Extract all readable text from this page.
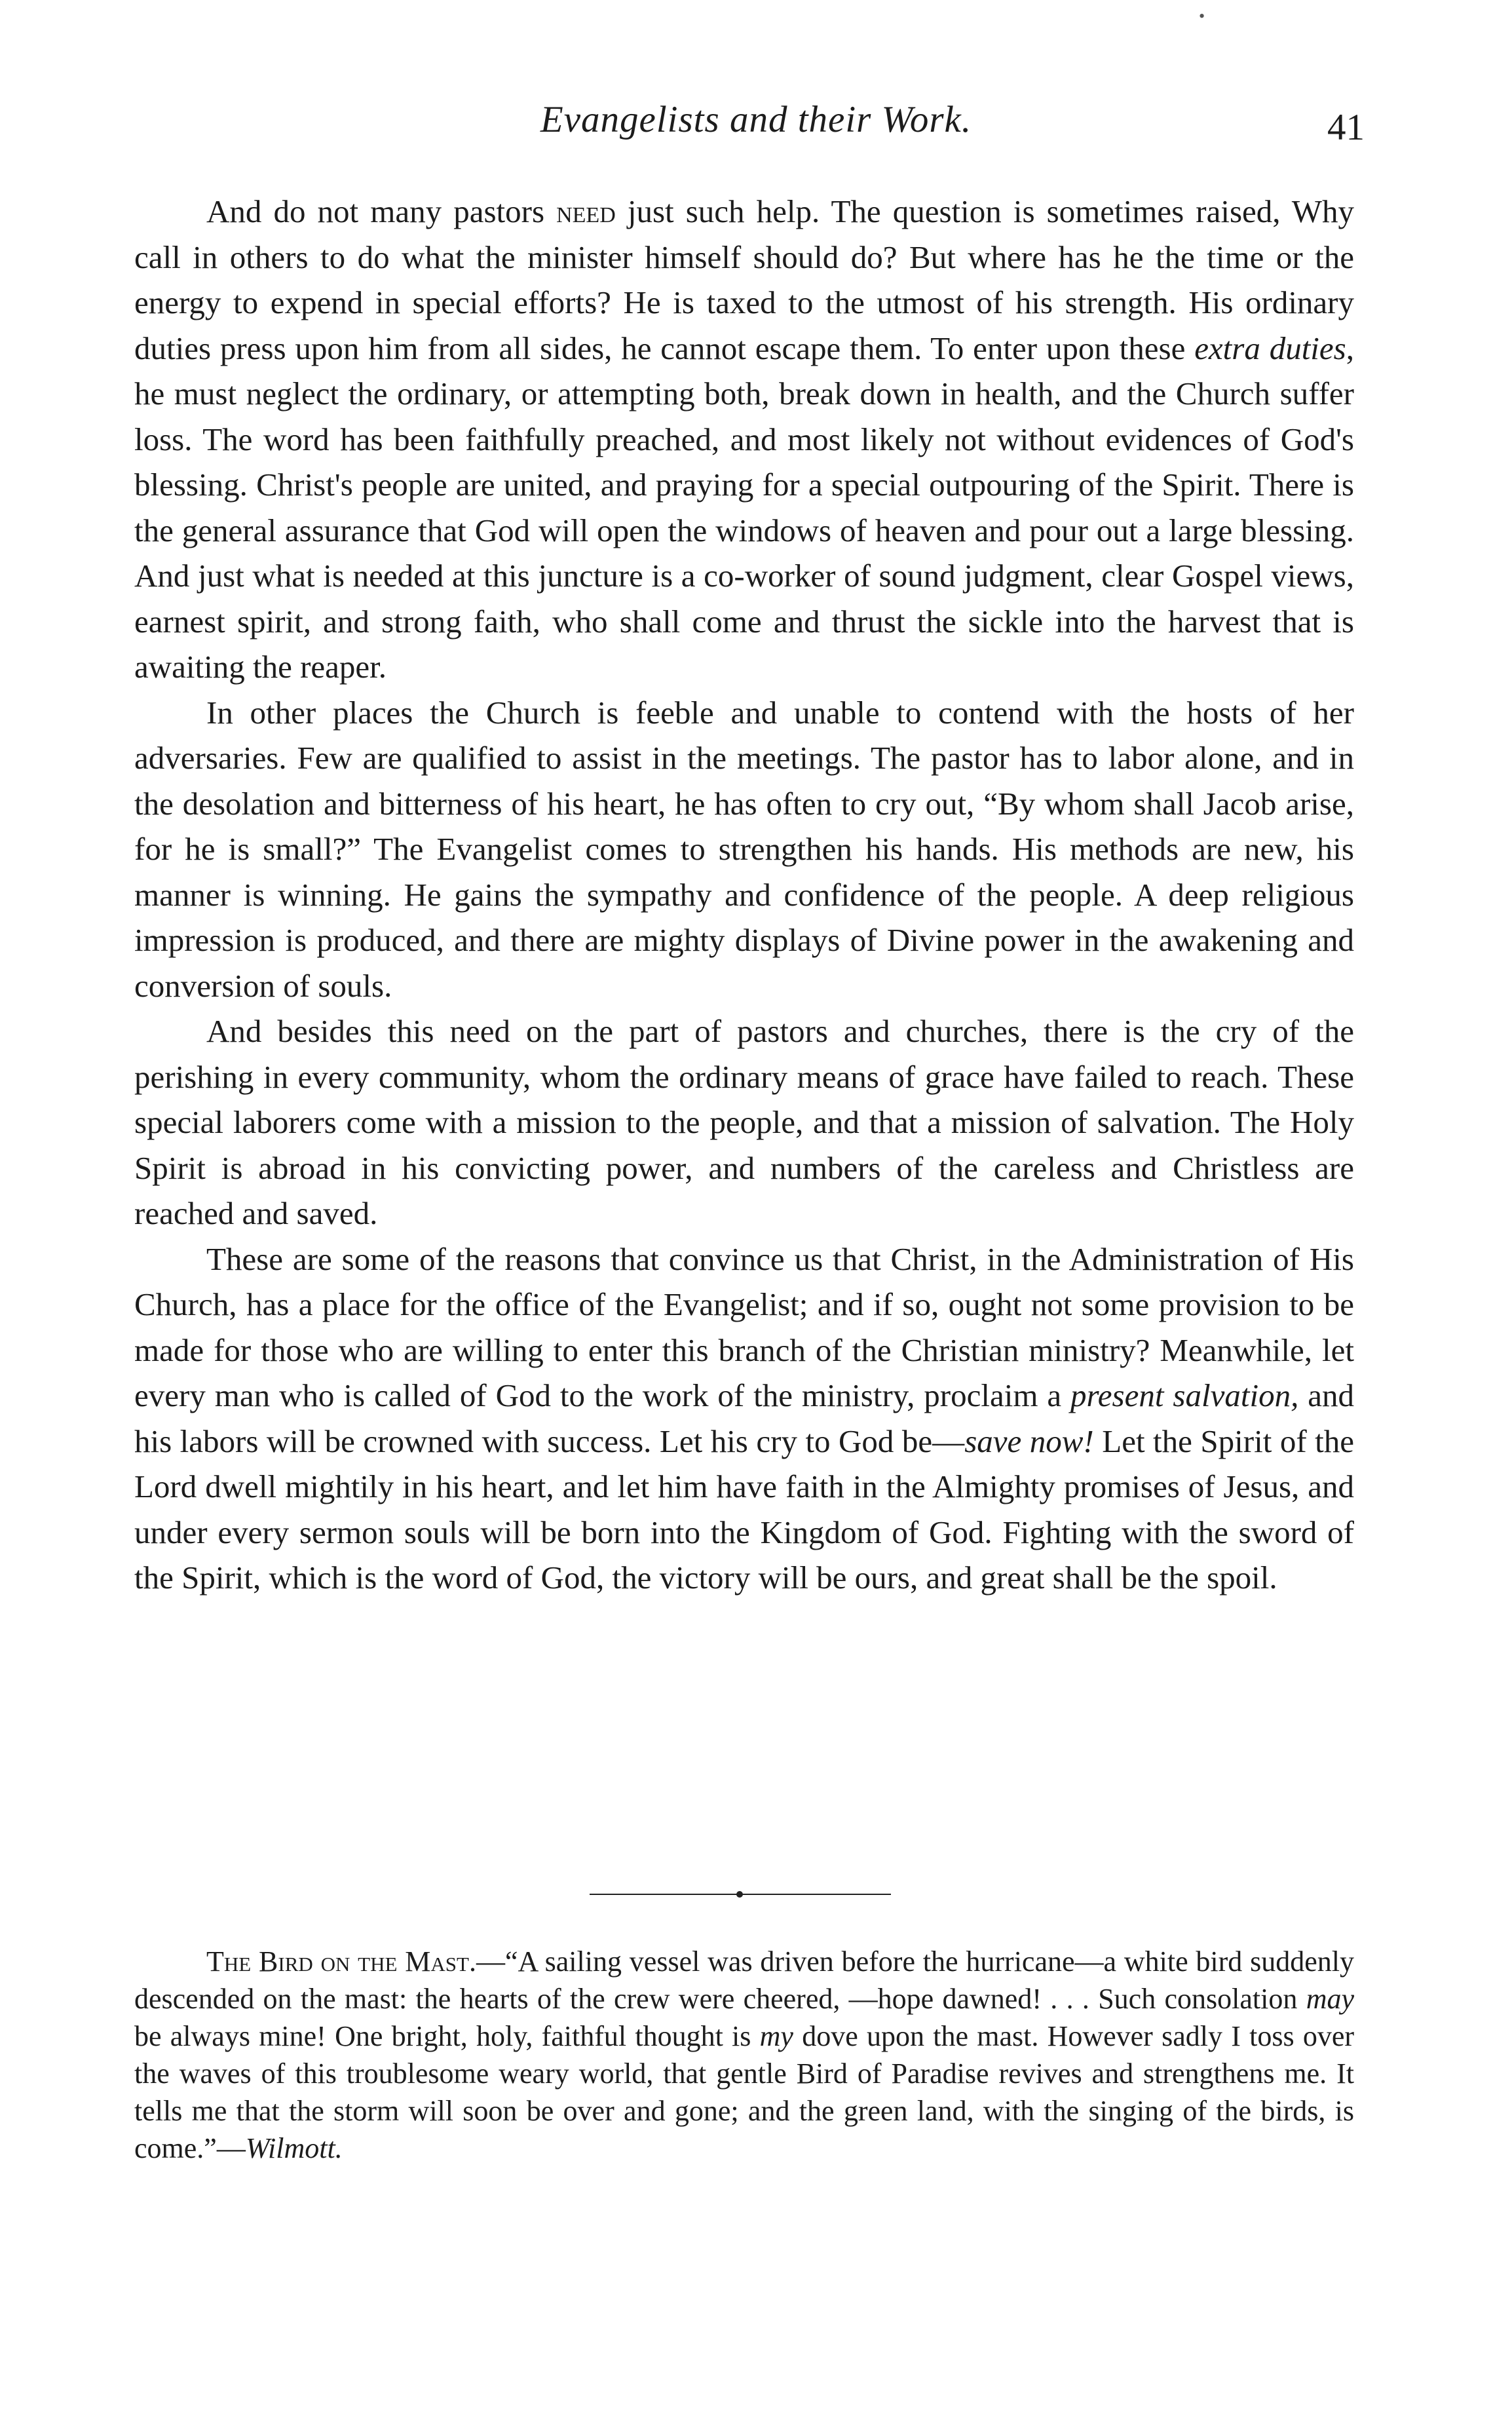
Evangelists and their Work.	41

And do not many pastors need just such help. The question is sometimes raised, Why call in others to do what the minister himself should do? But where has he the time or the energy to expend in special efforts? He is taxed to the utmost of his strength. His ordinary duties press upon him from all sides, he cannot escape them. To enter upon these extra duties, he must neglect the ordinary, or attempting both, break down in health, and the Church suffer loss. The word has been faithfully preached, and most likely not without evidences of God's blessing. Christ's people are united, and praying for a special outpouring of the Spirit. There is the general assurance that God will open the windows of heaven and pour out a large blessing. And just what is needed at this juncture is a co-worker of sound judgment, clear Gospel views, earnest spirit, and strong faith, who shall come and thrust the sickle into the harvest that is awaiting the reaper.

In other places the Church is feeble and unable to contend with the hosts of her adversaries. Few are qualified to assist in the meetings. The pastor has to labor alone, and in the desolation and bitterness of his heart, he has often to cry out, “By whom shall Jacob arise, for he is small?” The Evangelist comes to strengthen his hands. His methods are new, his manner is winning. He gains the sympathy and confidence of the people. A deep religious impression is produced, and there are mighty displays of Divine power in the awakening and conversion of souls.

And besides this need on the part of pastors and churches, there is the cry of the perishing in every community, whom the ordinary means of grace have failed to reach. These special laborers come with a mission to the people, and that a mission of salvation. The Holy Spirit is abroad in his convicting power, and numbers of the careless and Christless are reached and saved.

These are some of the reasons that convince us that Christ, in the Administration of His Church, has a place for the office of the Evangelist; and if so, ought not some provision to be made for those who are willing to enter this branch of the Christian ministry? Meanwhile, let every man who is called of God to the work of the ministry, proclaim a present salvation, and his labors will be crowned with success. Let his cry to God be—save now! Let the Spirit of the Lord dwell mightily in his heart, and let him have faith in the Almighty promises of Jesus, and under every sermon souls will be born into the Kingdom of God. Fighting with the sword of the Spirit, which is the word of God, the victory will be ours, and great shall be the spoil.

The Bird on the Mast.—“A sailing vessel was driven before the hurricane—a white bird suddenly descended on the mast: the hearts of the crew were cheered, —hope dawned! . . . Such consolation may be always mine! One bright, holy, faithful thought is my dove upon the mast. However sadly I toss over the waves of this troublesome weary world, that gentle Bird of Paradise revives and strengthens me. It tells me that the storm will soon be over and gone; and the green land, with the singing of the birds, is come.”—Wilmott.

•
